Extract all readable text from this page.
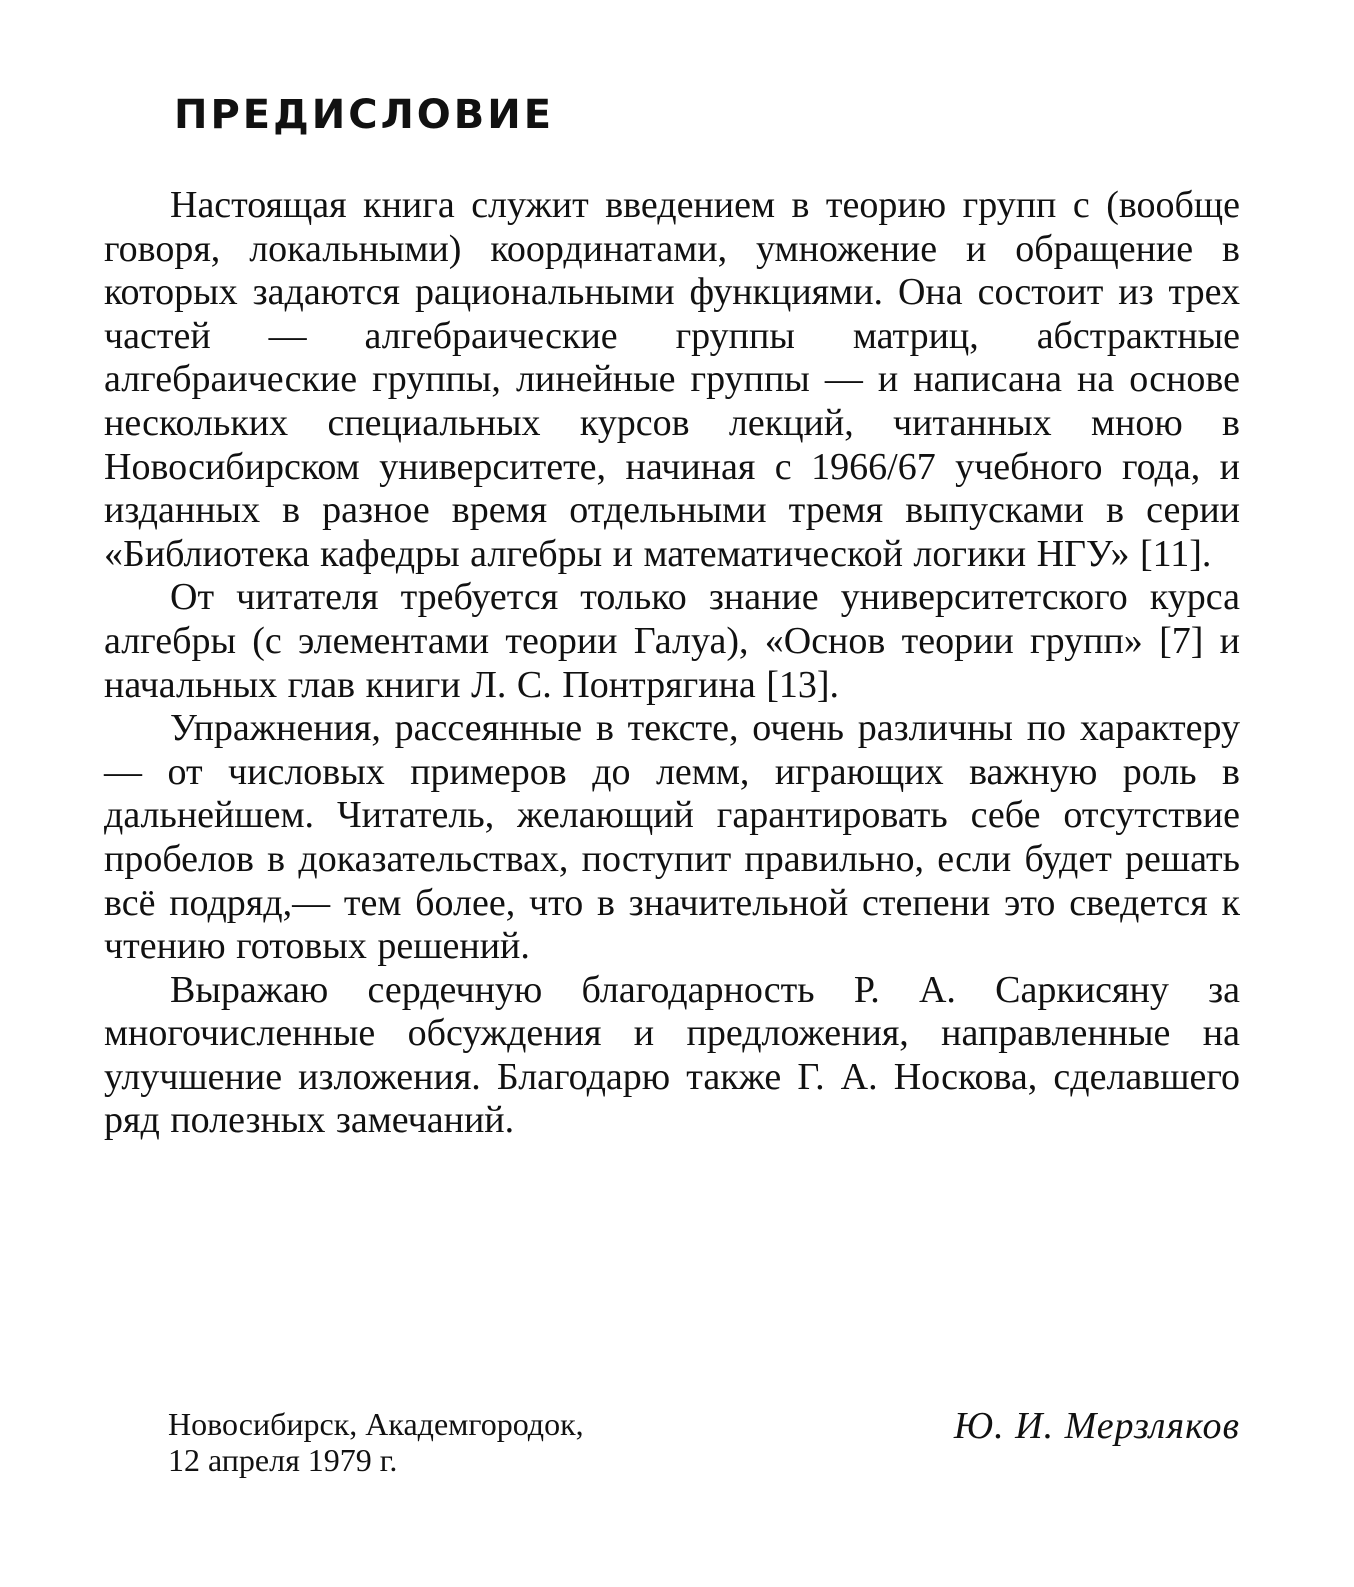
ПРЕДИСЛОВИЕ

Настоящая книга служит введением в теорию групп с (вообще говоря, локальными) координатами, умножение и обращение в которых задаются рациональными функциями. Она состоит из трех частей — алгебраические группы матриц, абстрактные алгебраические группы, линейные группы — и написана на основе нескольких специальных курсов лекций, читанных мною в Новосибирском университете, начиная с 1966/67 учебного года, и изданных в разное время отдельными тремя выпусками в серии «Библиотека кафедры алгебры и математической логики НГУ» [11].

От читателя требуется только знание университетского курса алгебры (с элементами теории Галуа), «Основ теории групп» [7] и начальных глав книги Л. С. Понтрягина [13].

Упражнения, рассеянные в тексте, очень различны по характеру — от числовых примеров до лемм, играющих важную роль в дальнейшем. Читатель, желающий гарантировать себе отсутствие пробелов в доказательствах, поступит правильно, если будет решать всё подряд,— тем более, что в значительной степени это сведется к чтению готовых решений.

Выражаю сердечную благодарность Р. А. Саркисяну за многочисленные обсуждения и предложения, направленные на улучшение изложения. Благодарю также Г. А. Носкова, сделавшего ряд полезных замечаний.

Новосибирск, Академгородок,
12 апреля 1979 г.
Ю. И. Мерзляков
